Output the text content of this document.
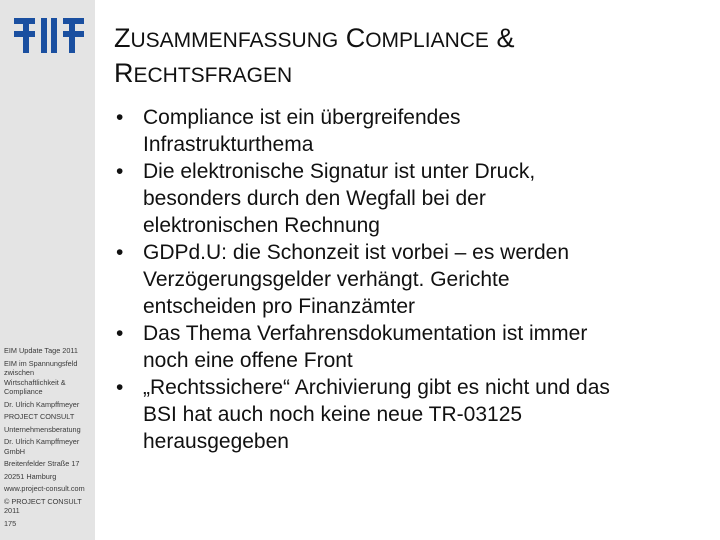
EIM Update Tage 2011
EIM im Spannungsfeld
zwischen
Wirtschaftlichkeit &
Compliance
Dr. Ulrich Kampffmeyer
PROJECT CONSULT
Unternehmensberatung
Dr. Ulrich Kampffmeyer
GmbH
Breitenfelder Straße 17
20251 Hamburg
www.project-consult.com
© PROJECT CONSULT
2011
175
ZUSAMMENFASSUNG COMPLIANCE &
RECHTSFRAGEN
• Compliance ist ein übergreifendes
Infrastrukturthema
• Die elektronische Signatur ist unter Druck,
besonders durch den Wegfall bei der
elektronischen Rechnung
• GDPd.U: die Schonzeit ist vorbei – es werden
Verzögerungsgelder verhängt. Gerichte
entscheiden pro Finanzämter
• Das Thema Verfahrensdokumentation ist immer
noch eine offene Front
• „Rechtssichere“ Archivierung gibt es nicht und das
BSI hat auch noch keine neue TR-03125
herausgegeben
